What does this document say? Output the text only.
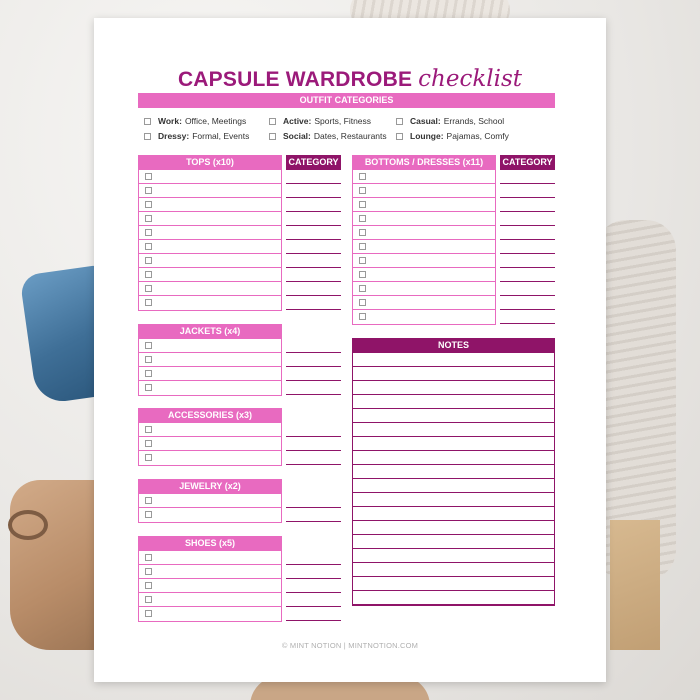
CAPSULE WARDROBE checklist
OUTFIT CATEGORIES
Work: Office, Meetings	Active: Sports, Fitness	Casual: Errands, School
Dressy: Formal, Events	Social: Dates, Restaurants	Lounge: Pajamas, Comfy
TOPS (x10)	CATEGORY	BOTTOMS / DRESSES (x11)	CATEGORY
JACKETS (x4)
ACCESSORIES (x3)
JEWELRY (x2)
SHOES (x5)
NOTES
© MINT NOTION | MINTNOTION.COM
